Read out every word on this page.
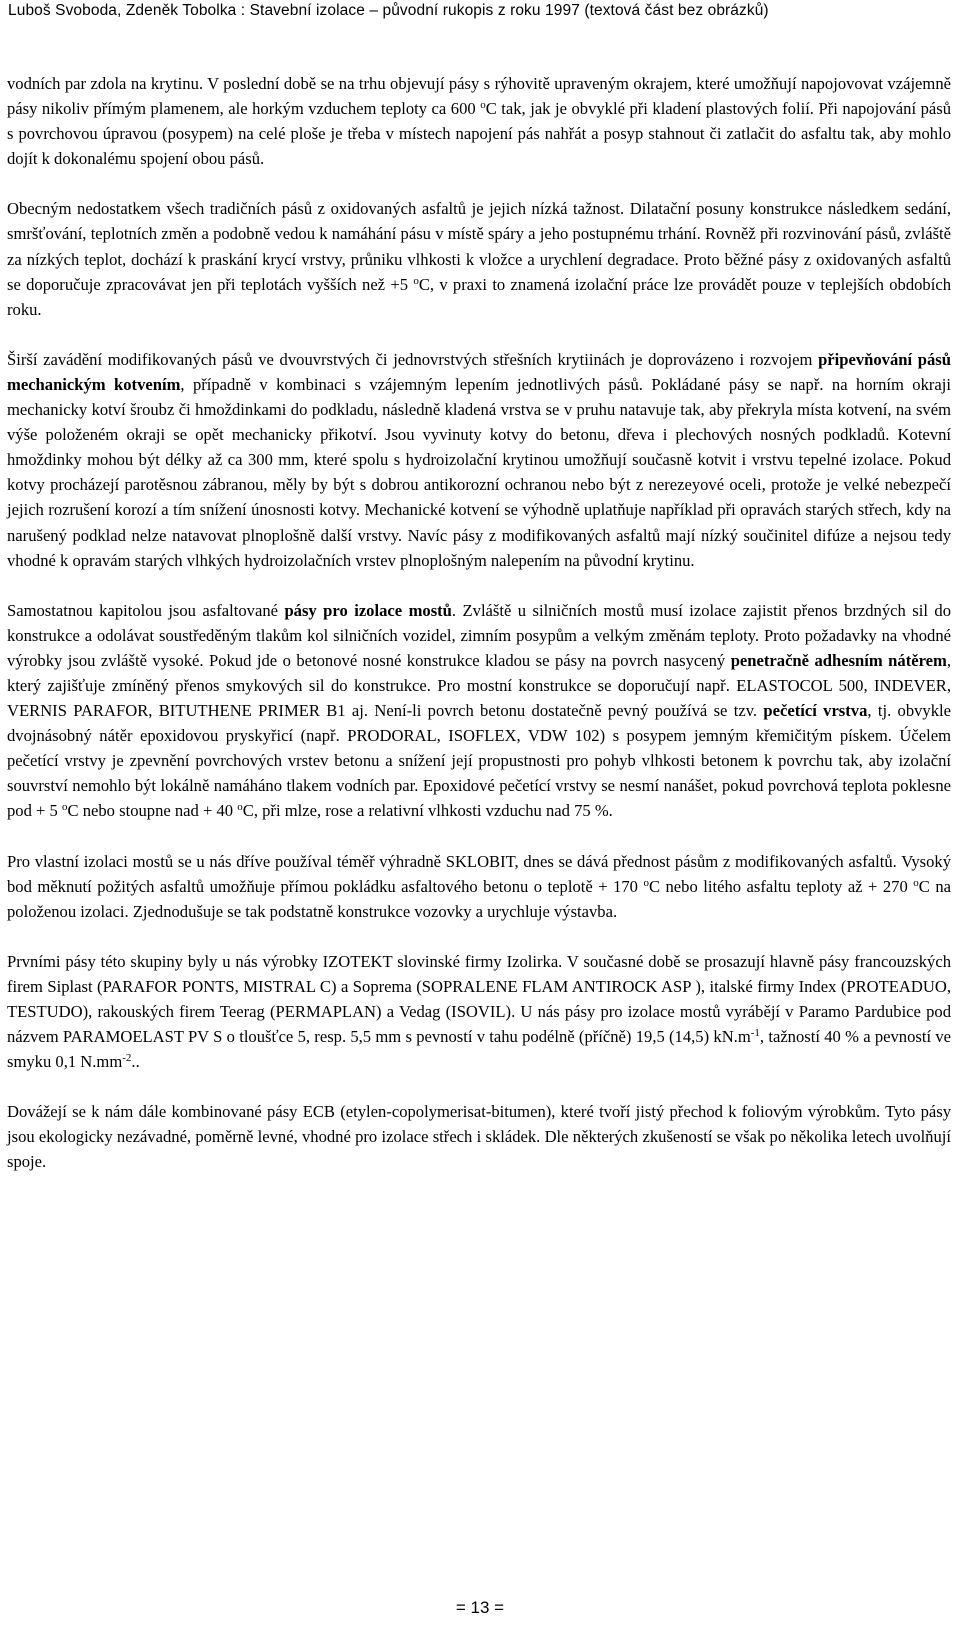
Luboš Svoboda, Zdeněk Tobolka : Stavební izolace – původní rukopis z roku 1997 (textová část bez obrázků)

vodních par zdola na krytinu. V poslední době se na trhu objevují pásy s rýhovitě upraveným okrajem, které umožňují napojovovat vzájemně pásy nikoliv přímým plamenem, ale horkým vzduchem teploty ca 600 $^o$C tak, jak je obvyklé při kladení plastových folií. Při napojování pásů s povrchovou úpravou (posypem) na celé ploše je třeba v místech napojení pás nahřát a posyp stahnout či zatlačit do asfaltu tak, aby mohlo dojít k dokonalému spojení obou pásů.

Obecným nedostatkem všech tradičních pásů z oxidovaných asfaltů je jejich nízká tažnost. Dilatační posuny konstrukce následkem sedání, smršťování, teplotních změn a podobně vedou k namáhání pásu v místě spáry a jeho postupnému trhání. Rovněž při rozvinování pásů, zvláště za nízkých teplot, dochází k praskání krycí vrstvy, průniku vlhkosti k vložce a urychlení degradace. Proto běžné pásy z oxidovaných asfaltů se doporučuje zpracovávat jen při teplotách vyšších než +5 $^o$C, v praxi to znamená izolační práce lze provádět pouze v teplejších obdobích roku.

Širší zavádění modifikovaných pásů ve dvouvrstvých či jednovrstvých střešních krytiinách je doprovázeno i rozvojem připevňování pásů mechanickým kotvením, případně v kombinaci s vzájemným lepením jednotlivých pásů. Pokládané pásy se např. na horním okraji mechanicky kotví šroubz či hmoždinkami do podkladu, následně kladená vrstva se v pruhu natavuje tak, aby překryla místa kotvení, na svém výše položeném okraji se opět mechanicky přikotví. Jsou vyvinuty kotvy do betonu, dřeva i plechových nosných podkladů. Kotevní hmoždinky mohou být délky až ca 300 mm, které spolu s hydroizolační krytinou umožňují současně kotvit i vrstvu tepelné izolace. Pokud kotvy procházejí parotěsnou zábranou, měly by být s dobrou antikorozní ochranou nebo být z nerezeyové oceli, protože je velké nebezpečí jejich rozrušení korozí a tím snížení únosnosti kotvy. Mechanické kotvení se výhodně uplatňuje například při opravách starých střech, kdy na narušený podklad nelze natavovat plnoplošně další vrstvy. Navíc pásy z modifikovaných asfaltů mají nízký součinitel difúze a nejsou tedy vhodné k opravám starých vlhkých hydroizolačních vrstev plnoplošným nalepením na původní krytinu.

Samostatnou kapitolou jsou asfaltované pásy pro izolace mostů. Zvláště u silničních mostů musí izolace zajistit přenos brzdných sil do konstrukce a odolávat soustředěným tlakům kol silničních vozidel, zimním posypům a velkým změnám teploty. Proto požadavky na vhodné výrobky jsou zvláště vysoké. Pokud jde o betonové nosné konstrukce kladou se pásy na povrch nasycený penetračně adhesním nátěrem, který zajišťuje zmíněný přenos smykových sil do konstrukce. Pro mostní konstrukce se doporučují např. ELASTOCOL 500, INDEVER, VERNIS PARAFOR, BITUTHENE PRIMER B1 aj. Není-li povrch betonu dostatečně pevný používá se tzv. pečetící vrstva, tj. obvykle dvojnásobný nátěr epoxidovou pryskyřicí (např. PRODORAL, ISOFLEX, VDW 102) s posypem jemným křemičitým pískem. Účelem pečetící vrstvy je zpevnění povrchových vrstev betonu a snížení její propustnosti pro pohyb vlhkosti betonem k povrchu tak, aby izolační souvrství nemohlo být lokálně namáháno tlakem vodních par. Epoxidové pečetící vrstvy se nesmí nanášet, pokud povrchová teplota poklesne pod + 5 $^o$C nebo stoupne nad + 40 $^o$C, při mlze, rose a relativní vlhkosti vzduchu nad 75 %.

Pro vlastní izolaci mostů se u nás dříve používal téměř výhradně SKLOBIT, dnes se dává přednost pásům z modifikovaných asfaltů. Vysoký bod měknutí požitých asfaltů umožňuje přímou pokládku asfaltového betonu o teplotě + 170 $^o$C nebo litého asfaltu teploty až + 270 $^o$C na položenou izolaci. Zjednodušuje se tak podstatně konstrukce vozovky a urychluje výstavba.

Prvními pásy této skupiny byly u nás výrobky IZOTEKT slovinské firmy Izolirka. V současné době se prosazují hlavně pásy francouzských firem Siplast (PARAFOR PONTS, MISTRAL C) a Soprema (SOPRALENE FLAM ANTIROCK ASP ), italské firmy Index (PROTEADUO, TESTUDO), rakouských firem Teerag (PERMAPLAN) a Vedag (ISOVIL). U nás pásy pro izolace mostů vyrábějí v Paramo Pardubice pod názvem PARAMOELAST PV S o tloušťce 5, resp. 5,5 mm s pevností v tahu podélně (příčně) 19,5 (14,5) $kN.m^{-1}$, tažností 40 % a pevností ve smyku 0,1 $N.mm^{-2}$..

Dovážejí se k nám dále kombinované pásy ECB (etylen-copolymerisat-bitumen), které tvoří jistý přechod k foliovým výrobkům. Tyto pásy jsou ekologicky nezávadné, poměrně levné, vhodné pro izolace střech i skládek. Dle některých zkušeností se však po několika letech uvolňují spoje.

= 13 =
